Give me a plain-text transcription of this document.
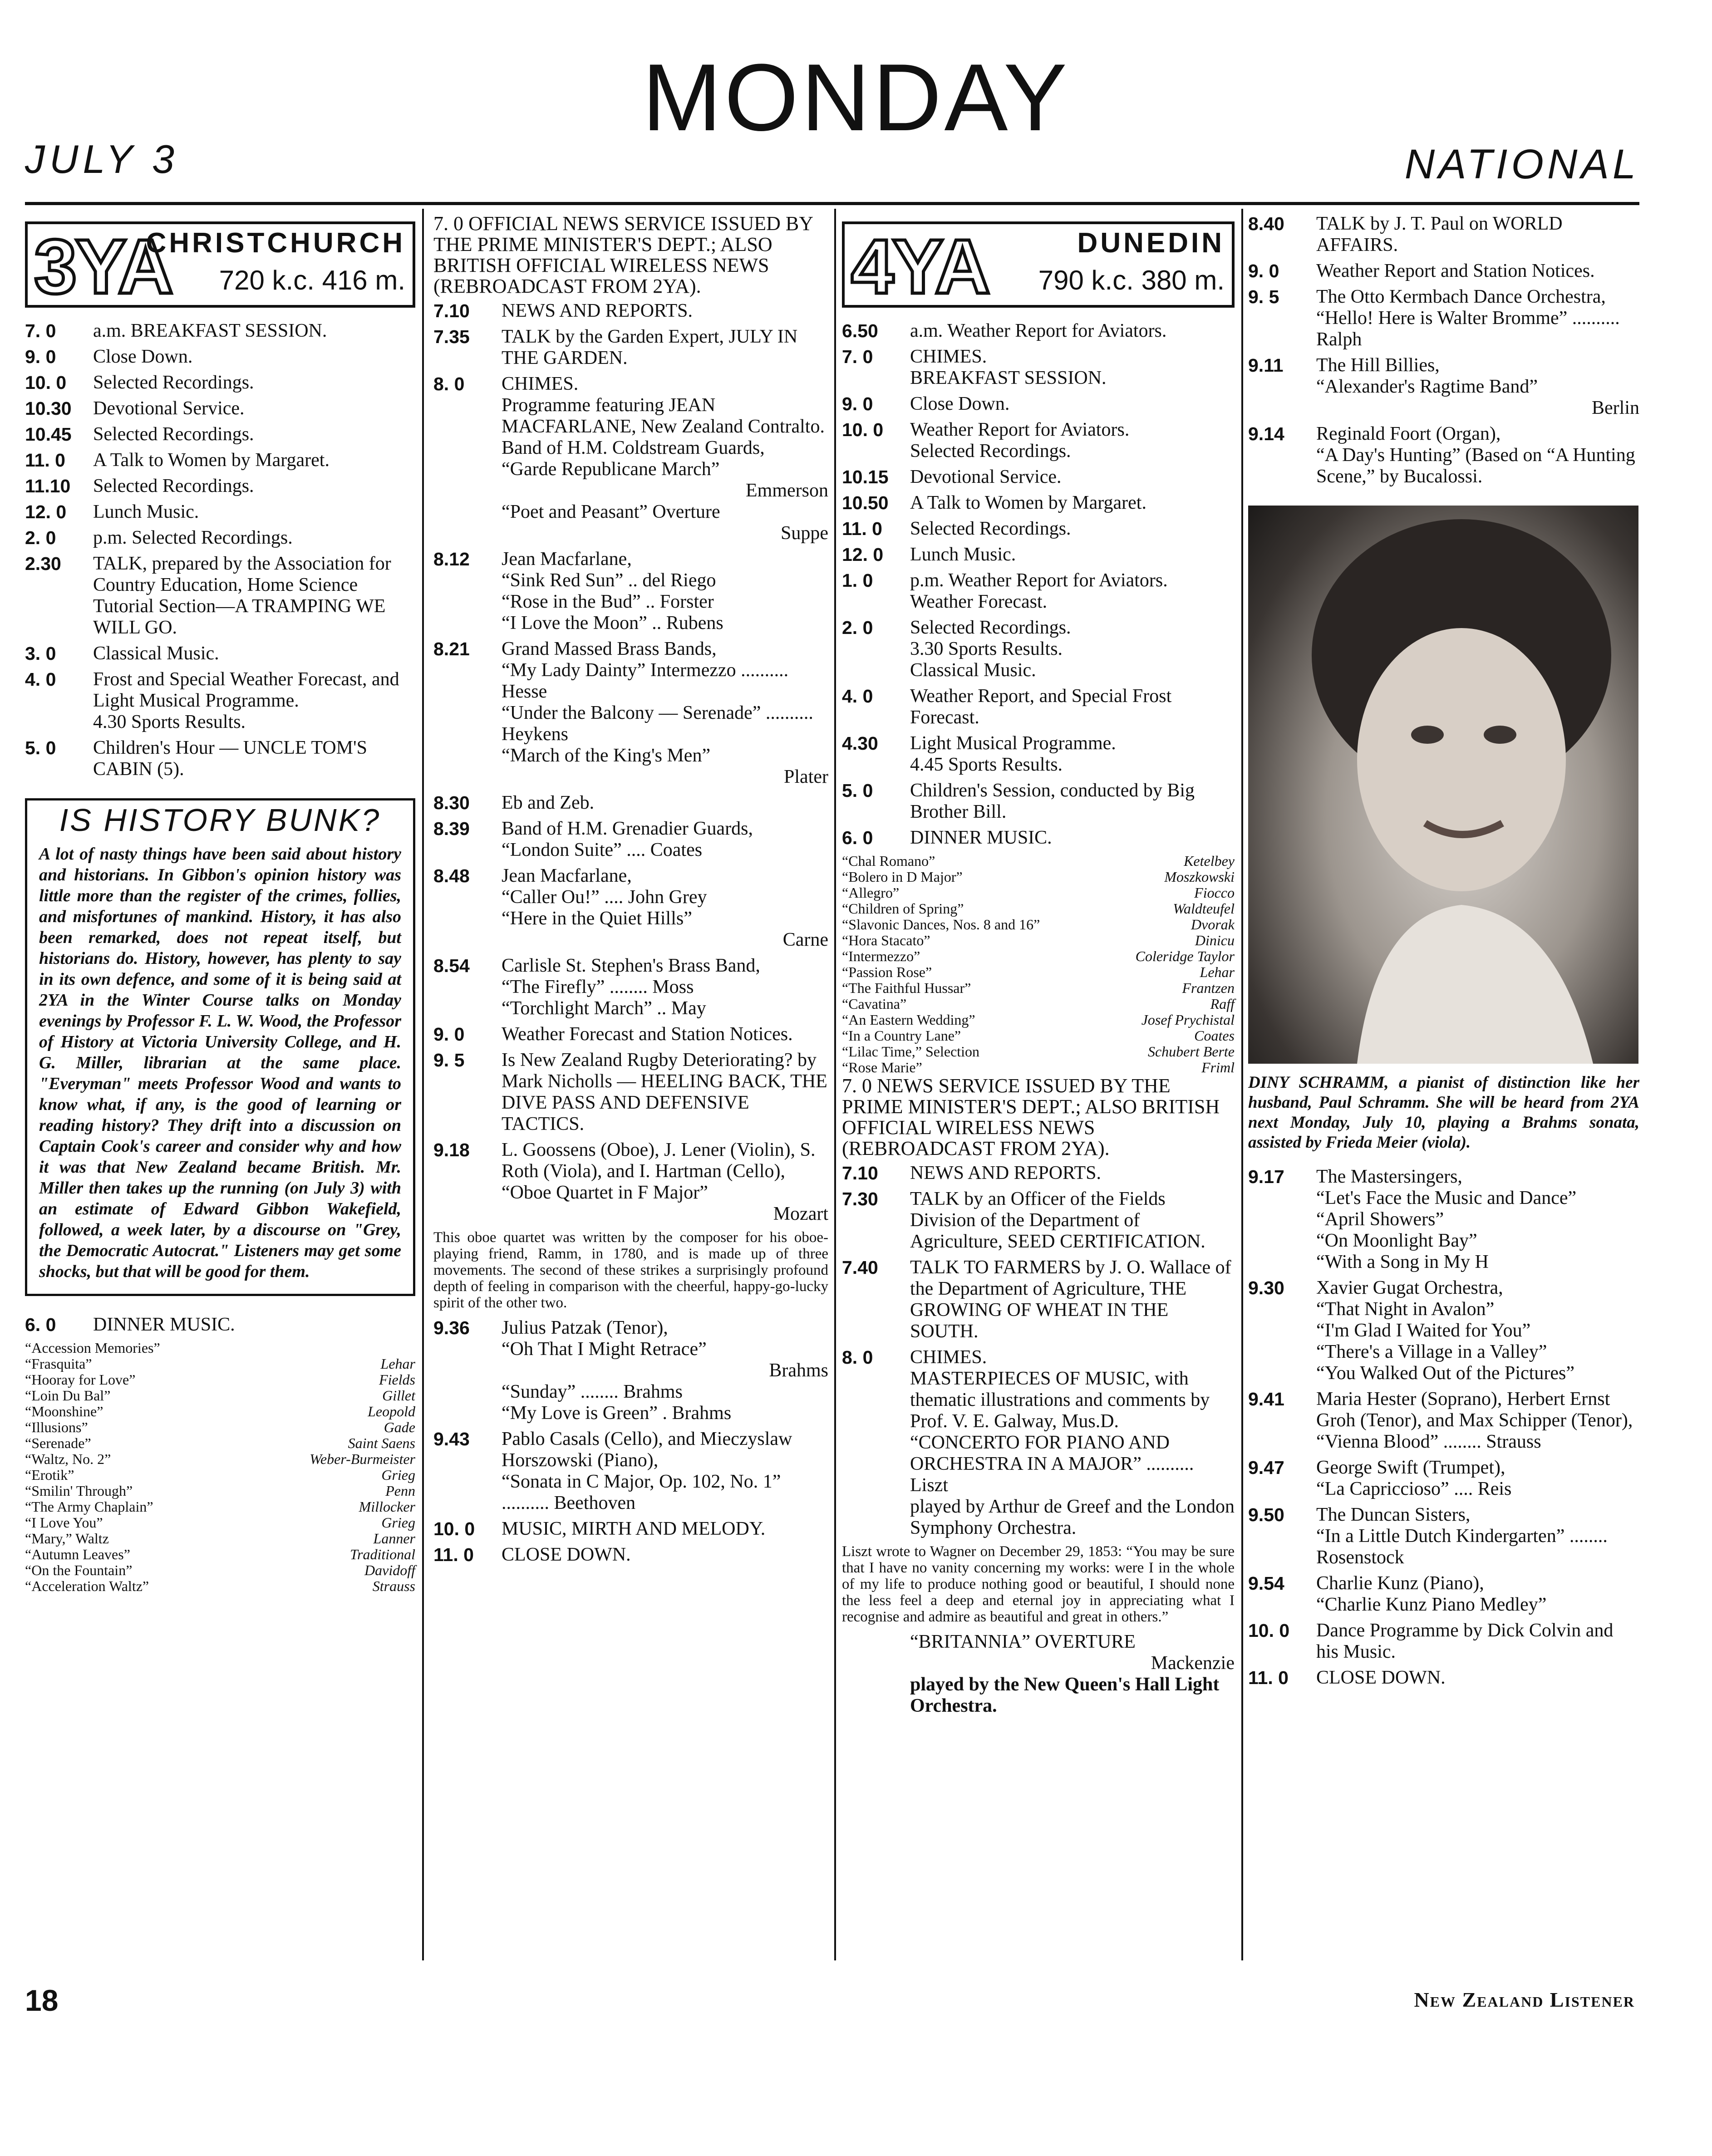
MONDAY
JULY 3	NATIONAL
3YA
CHRISTCHURCH
720 k.c. 416 m.
7. 0	a.m. BREAKFAST SESSION.
9. 0	Close Down.
10. 0	Selected Recordings.
10.30	Devotional Service.
10.45	Selected Recordings.
11. 0	A Talk to Women by Margaret.
11.10	Selected Recordings.
12. 0	Lunch Music.
2. 0	p.m. Selected Recordings.
2.30	TALK, prepared by the Association for Country Education, Home Science Tutorial Section—A TRAMPING WE WILL GO.
3. 0	Classical Music.
4. 0	Frost and Special Weather Forecast, and Light Musical Programme.
4.30 Sports Results.
5. 0	Children's Hour — UNCLE TOM'S CABIN (5).
IS HISTORY BUNK?

A lot of nasty things have been said about history and historians. In Gibbon's opinion history was little more than the register of the crimes, follies, and misfortunes of mankind. History, it has also been remarked, does not repeat itself, but historians do. History, however, has plenty to say in its own defence, and some of it is being said at 2YA in the Winter Course talks on Monday evenings by Professor F. L. W. Wood, the Professor of History at Victoria University College, and H. G. Miller, librarian at the same place. "Everyman" meets Professor Wood and wants to know what, if any, is the good of learning or reading history? They drift into a discussion on Captain Cook's career and consider why and how it was that New Zealand became British. Mr. Miller then takes up the running (on July 3) with an estimate of Edward Gibbon Wakefield, followed, a week later, by a discourse on "Grey, the Democratic Autocrat." Listeners may get some shocks, but that will be good for them.

6. 0	DINNER MUSIC.
“Accession Memories”
“Frasquita”	Lehar
“Hooray for Love”	Fields
“Loin Du Bal”	Gillet
“Moonshine”	Leopold
“Illusions”	Gade
“Serenade”	Saint Saens
“Waltz, No. 2”	Weber-Burmeister
“Erotik”	Grieg
“Smilin' Through”	Penn
“The Army Chaplain”	Millocker
“I Love You”	Grieg
“Mary,” Waltz	Lanner
“Autumn Leaves”	Traditional
“On the Fountain”	Davidoff
“Acceleration Waltz”	Strauss
7. 0 OFFICIAL NEWS SERVICE ISSUED BY THE PRIME MINISTER'S DEPT.; ALSO BRITISH OFFICIAL WIRELESS NEWS (REBROADCAST FROM 2YA).
7.10	NEWS AND REPORTS.
7.35	TALK by the Garden Expert, JULY IN THE GARDEN.
8. 0	CHIMES.
Programme featuring JEAN MACFARLANE, New Zealand Contralto.
Band of H.M. Coldstream Guards,
“Garde Republicane March”
Emmerson
“Poet and Peasant” Overture
Suppe
8.12	Jean Macfarlane,
“Sink Red Sun” .. del Riego
“Rose in the Bud” .. Forster
“I Love the Moon” .. Rubens
8.21	Grand Massed Brass Bands,
“My Lady Dainty” Intermezzo .......... Hesse
“Under the Balcony — Serenade” .......... Heykens
“March of the King's Men”
Plater
8.30	Eb and Zeb.
8.39	Band of H.M. Grenadier Guards,
“London Suite” .... Coates
8.48	Jean Macfarlane,
“Caller Ou!” .... John Grey
“Here in the Quiet Hills”
Carne
8.54	Carlisle St. Stephen's Brass Band,
“The Firefly” ........ Moss
“Torchlight March” .. May
9. 0	Weather Forecast and Station Notices.
9. 5	Is New Zealand Rugby Deteriorating? by Mark Nicholls — HEELING BACK, THE DIVE PASS AND DEFENSIVE TACTICS.
9.18	L. Goossens (Oboe), J. Lener (Violin), S. Roth (Viola), and I. Hartman (Cello),
“Oboe Quartet in F Major”
Mozart
This oboe quartet was written by the composer for his oboe-playing friend, Ramm, in 1780, and is made up of three movements. The second of these strikes a surprisingly profound depth of feeling in comparison with the cheerful, happy-go-lucky spirit of the other two.
9.36	Julius Patzak (Tenor),
“Oh That I Might Retrace”
Brahms
“Sunday” ........ Brahms
“My Love is Green” . Brahms
9.43	Pablo Casals (Cello), and Mieczyslaw Horszowski (Piano),
“Sonata in C Major, Op. 102, No. 1” .......... Beethoven
10. 0	MUSIC, MIRTH AND MELODY.
11. 0	CLOSE DOWN.
4YA	DUNEDIN
790 k.c. 380 m.
6.50	a.m. Weather Report for Aviators.
7. 0	CHIMES.
BREAKFAST SESSION.
9. 0	Close Down.
10. 0	Weather Report for Aviators.
Selected Recordings.
10.15	Devotional Service.
10.50	A Talk to Women by Margaret.
11. 0	Selected Recordings.
12. 0	Lunch Music.
1. 0	p.m. Weather Report for Aviators.
Weather Forecast.
2. 0	Selected Recordings.
3.30 Sports Results.
Classical Music.
4. 0	Weather Report, and Special Frost Forecast.
4.30	Light Musical Programme.
4.45 Sports Results.
5. 0	Children's Session, conducted by Big Brother Bill.
6. 0	DINNER MUSIC.
“Chal Romano”	Ketelbey
“Bolero in D Major”	Moszkowski
“Allegro”	Fiocco
“Children of Spring”	Waldteufel
“Slavonic Dances, Nos. 8 and 16”	Dvorak
“Hora Stacato”	Dinicu
“Intermezzo”	Coleridge Taylor
“Passion Rose”	Lehar
“The Faithful Hussar”	Frantzen
“Cavatina”	Raff
“An Eastern Wedding”	Josef Prychistal
“In a Country Lane”	Coates
“Lilac Time,” Selection	Schubert Berte
“Rose Marie”	Friml
7. 0 NEWS SERVICE ISSUED BY THE PRIME MINISTER'S DEPT.; ALSO BRITISH OFFICIAL WIRELESS NEWS (REBROADCAST FROM 2YA).
7.10	NEWS AND REPORTS.
7.30	TALK by an Officer of the Fields Division of the Department of Agriculture, SEED CERTIFICATION.
7.40	TALK TO FARMERS by J. O. Wallace of the Department of Agriculture, THE GROWING OF WHEAT IN THE SOUTH.
8. 0	CHIMES.
MASTERPIECES OF MUSIC, with thematic illustrations and comments by Prof. V. E. Galway, Mus.D.
“CONCERTO FOR PIANO AND ORCHESTRA IN A MAJOR” .......... Liszt
played by Arthur de Greef and the London Symphony Orchestra.
Liszt wrote to Wagner on December 29, 1853: “You may be sure that I have no vanity concerning my works: were I in the whole of my life to produce nothing good or beautiful, I should none the less feel a deep and eternal joy in appreciating what I recognise and admire as beautiful and great in others.”
“BRITANNIA” OVERTURE
Mackenzie
played by the New Queen's Hall Light Orchestra.
8.40	TALK by J. T. Paul on WORLD AFFAIRS.
9. 0	Weather Report and Station Notices.
9. 5	The Otto Kermbach Dance Orchestra,
“Hello! Here is Walter Bromme” .......... Ralph
9.11	The Hill Billies,
“Alexander's Ragtime Band”
Berlin
9.14	Reginald Foort (Organ),
“A Day's Hunting” (Based on “A Hunting Scene,” by Bucalossi.
DINY SCHRAMM, a pianist of distinction like her husband, Paul Schramm. She will be heard from 2YA next Monday, July 10, playing a Brahms sonata, assisted by Frieda Meier (viola).
9.17	The Mastersingers,
“Let's Face the Music and Dance”
“April Showers”
“On Moonlight Bay”
“With a Song in My H
9.30	Xavier Gugat Orchestra,
“That Night in Avalon”
“I'm Glad I Waited for You”
“There's a Village in a Valley”
“You Walked Out of the Pictures”
9.41	Maria Hester (Soprano), Herbert Ernst Groh (Tenor), and Max Schipper (Tenor),
“Vienna Blood” ........ Strauss
9.47	George Swift (Trumpet),
“La Capriccioso” .... Reis
9.50	The Duncan Sisters,
“In a Little Dutch Kindergarten” ........ Rosenstock
9.54	Charlie Kunz (Piano),
“Charlie Kunz Piano Medley”
10. 0	Dance Programme by Dick Colvin and his Music.
11. 0	CLOSE DOWN.
18	New Zealand Listener
